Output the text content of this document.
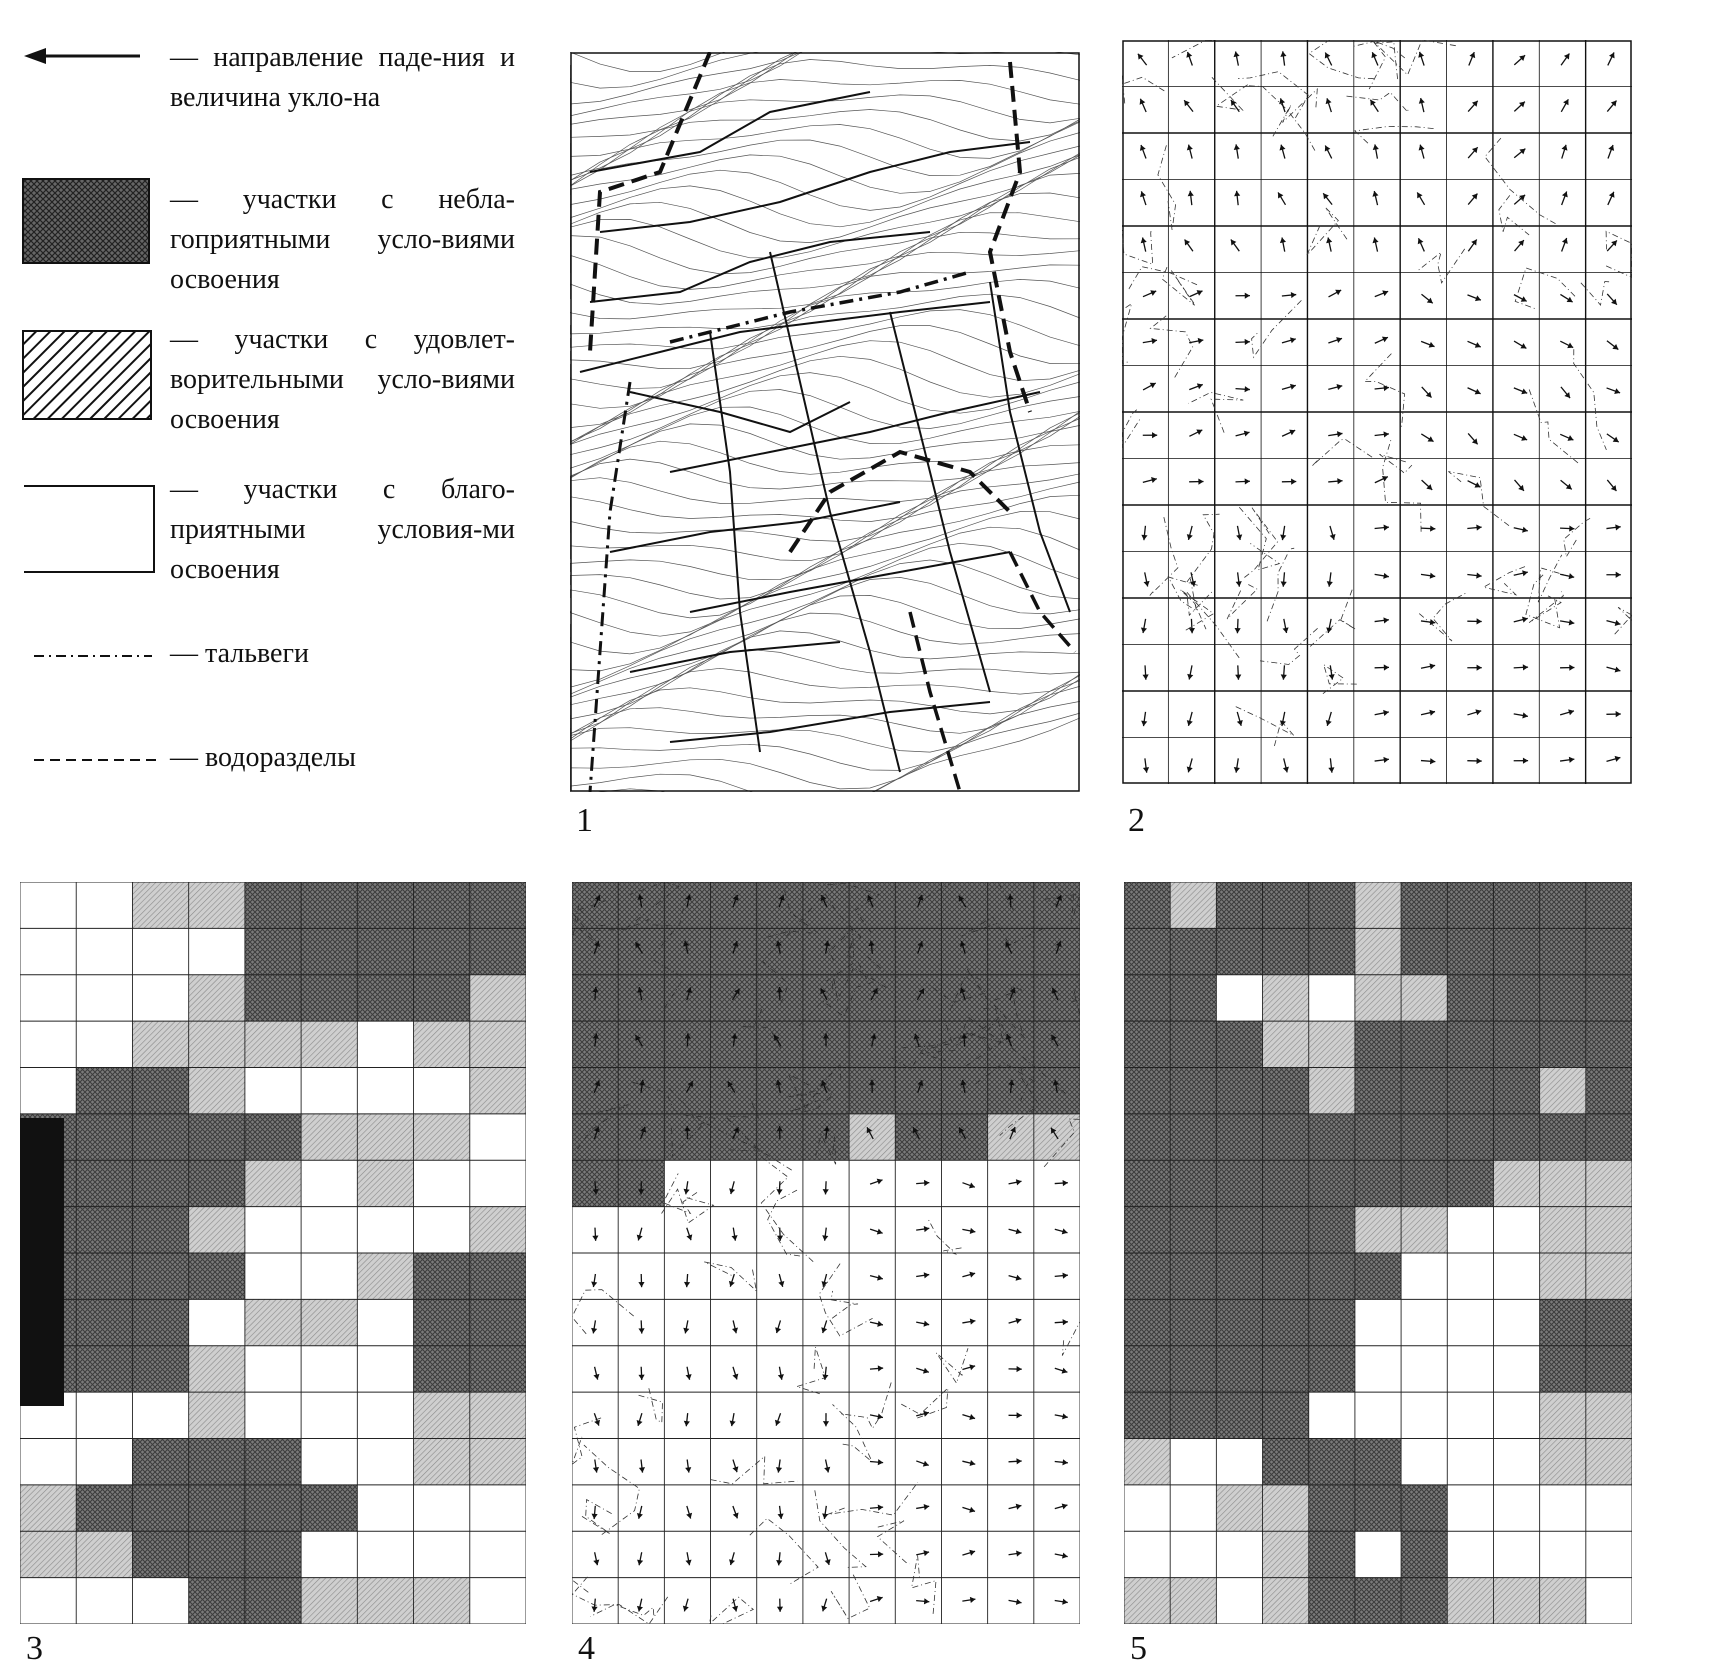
— направление паде-ния и величина укло-на
— участки с небла-гоприятными усло-виями освоения
— участки с удовлет-ворительными усло-виями освоения
— участки с благо-приятными условия-ми освоения
— тальвеги
— водоразделы
1	2
3	4	5
